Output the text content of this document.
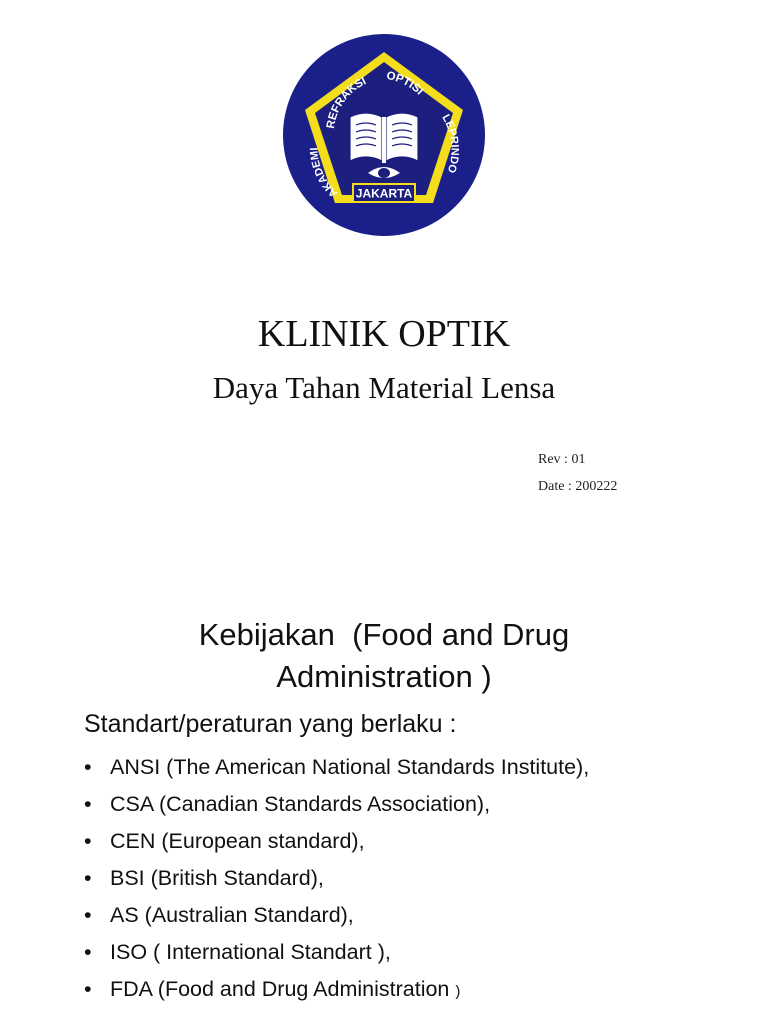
REFRAKSI OPTISI
AKADEMI
LEPRINDO
JAKARTA
KLINIK OPTIK
Daya Tahan Material Lensa
Rev : 01
Date : 200222
Kebijakan  (Food and Drug
Administration )
Standart/peraturan yang berlaku :
• ANSI (The American National Standards Institute),
• CSA (Canadian Standards Association),
• CEN (European standard),
• BSI (British Standard),
• AS (Australian Standard),
• ISO ( International Standart ),
• FDA (Food and Drug Administration )
